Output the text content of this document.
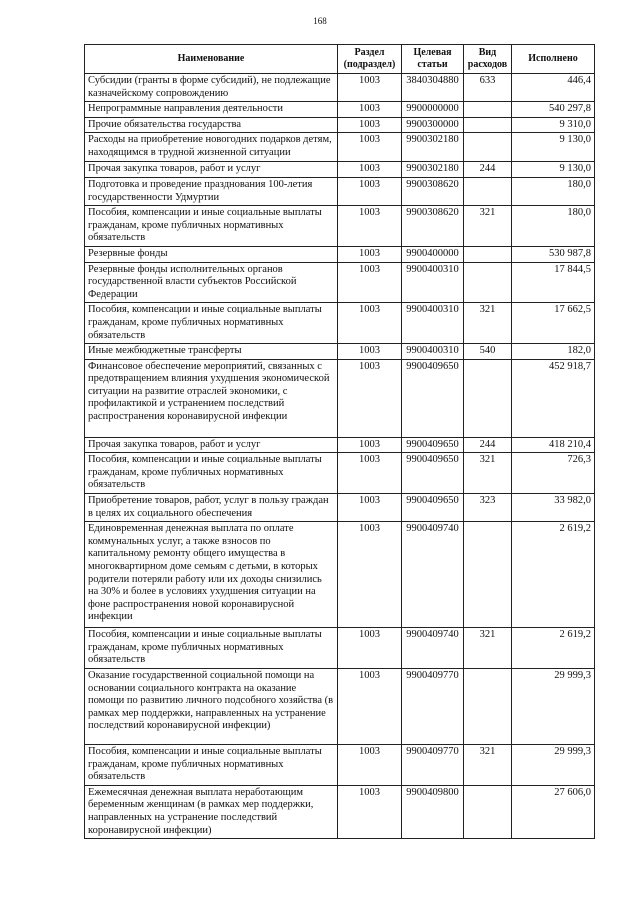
168
Наименование	Раздел (подраздел)	Целевая статьи	Вид расходов	Исполнено
Субсидии (гранты в форме субсидий), не подлежащие казначейскому сопровождению	1003	3840304880	633	446,4
Непрограммные направления деятельности	1003	9900000000		540 297,8
Прочие обязательства государства	1003	9900300000		9 310,0
Расходы на приобретение новогодних подарков детям, находящимся в трудной жизненной ситуации	1003	9900302180		9 130,0
Прочая закупка товаров, работ и услуг	1003	9900302180	244	9 130,0
Подготовка и проведение празднования 100-летия государственности Удмуртии	1003	9900308620		180,0
Пособия, компенсации и иные социальные выплаты гражданам, кроме публичных нормативных обязательств	1003	9900308620	321	180,0
Резервные фонды	1003	9900400000		530 987,8
Резервные фонды исполнительных органов государственной власти субъектов Российской Федерации	1003	9900400310		17 844,5
Пособия, компенсации и иные социальные выплаты гражданам, кроме публичных нормативных обязательств	1003	9900400310	321	17 662,5
Иные межбюджетные трансферты	1003	9900400310	540	182,0
Финансовое обеспечение мероприятий, связанных с предотвращением влияния ухудшения экономической ситуации на развитие отраслей экономики, с профилактикой и устранением последствий распространения коронавирусной инфекции	1003	9900409650		452 918,7
Прочая закупка товаров, работ и услуг	1003	9900409650	244	418 210,4
Пособия, компенсации и иные социальные выплаты гражданам, кроме публичных нормативных обязательств	1003	9900409650	321	726,3
Приобретение товаров, работ, услуг в пользу граждан в целях их социального обеспечения	1003	9900409650	323	33 982,0
Единовременная денежная выплата по оплате коммунальных услуг, а также взносов по капитальному ремонту общего имущества в многоквартирном доме семьям с детьми, в которых родители потеряли работу или их доходы снизились на 30% и более в условиях ухудшения ситуации на фоне распространения новой коронавирусной инфекции	1003	9900409740		2 619,2
Пособия, компенсации и иные социальные выплаты гражданам, кроме публичных нормативных обязательств	1003	9900409740	321	2 619,2
Оказание государственной социальной помощи на основании социального контракта на оказание помощи по развитию личного подсобного хозяйства (в рамках мер поддержки, направленных на устранение последствий коронавирусной инфекции)	1003	9900409770		29 999,3
Пособия, компенсации и иные социальные выплаты гражданам, кроме публичных нормативных обязательств	1003	9900409770	321	29 999,3
Ежемесячная денежная выплата неработающим беременным женщинам (в рамках мер поддержки, направленных на устранение последствий коронавирусной инфекции)	1003	9900409800		27 606,0
